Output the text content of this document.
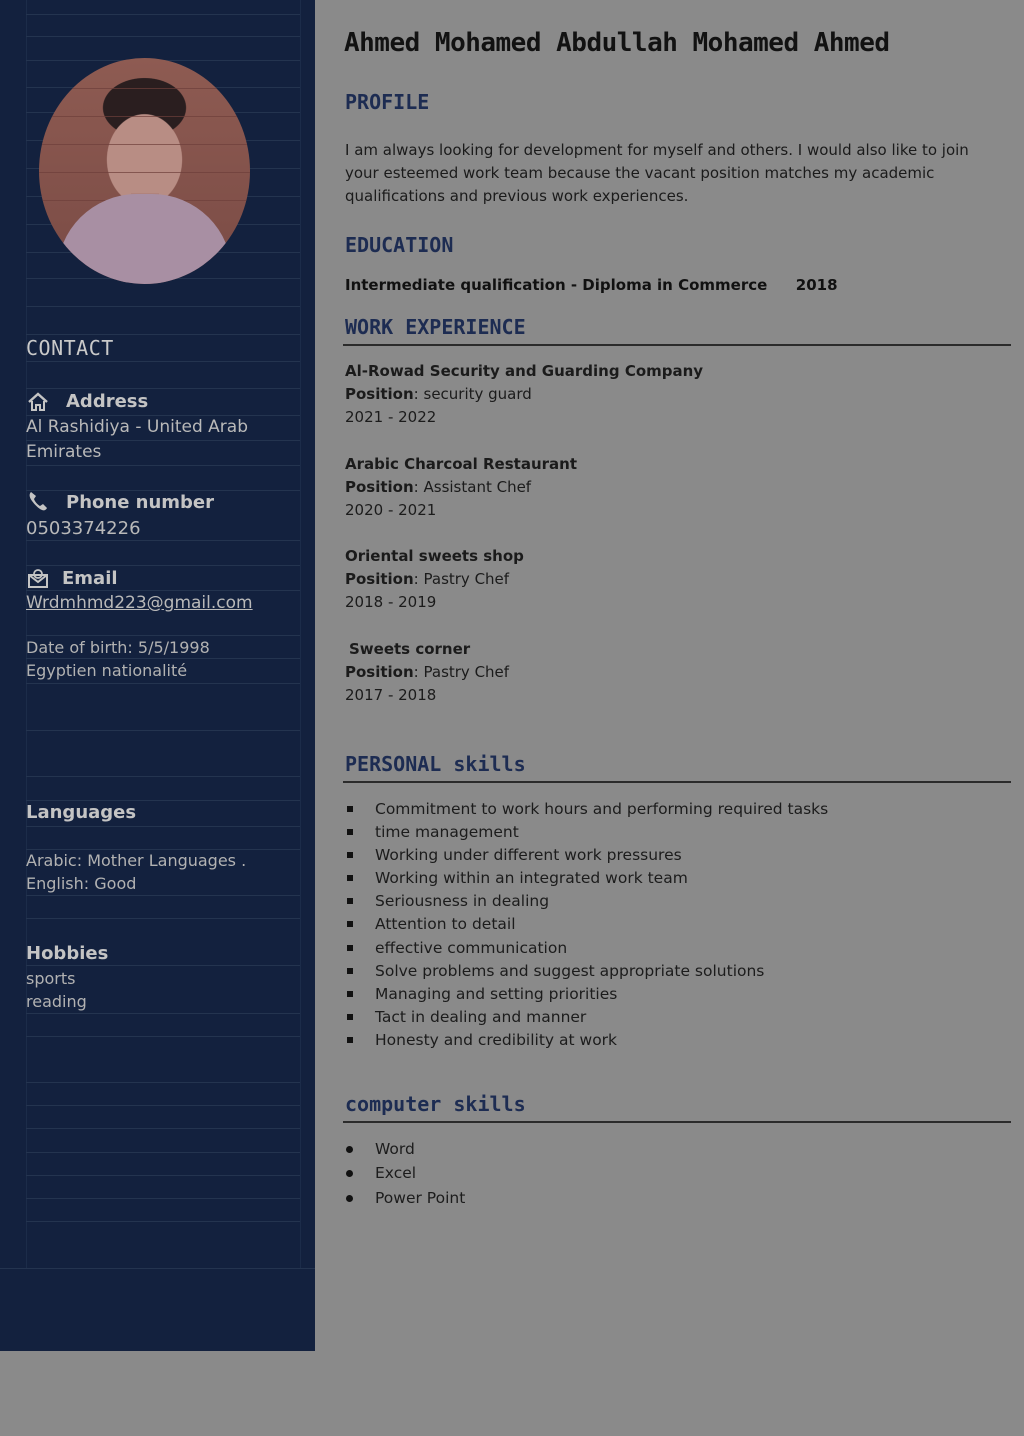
CONTACT
Address
Al Rashidiya - United Arab
Emirates
Phone number
0503374226
Email
Wrdmhmd223@gmail.com
Date of birth: 5/5/1998
Egyptien nationalité
Languages
Arabic: Mother Languages .
English: Good
Hobbies
sports
reading
Ahmed Mohamed Abdullah Mohamed Ahmed
PROFILE
I am always looking for development for myself and others. I would also like to join your esteemed work team because the vacant position matches my academic qualifications and previous work experiences.
EDUCATION
Intermediate qualification - Diploma in Commerce 2018
WORK EXPERIENCE
Al-Rowad Security and Guarding Company
Position: security guard
2021 - 2022
Arabic Charcoal Restaurant
Position: Assistant Chef
2020 - 2021
Oriental sweets shop
Position: Pastry Chef
2018 - 2019
Sweets corner
Position: Pastry Chef
2017 - 2018
PERSONAL skills
Commitment to work hours and performing required tasks
time management
Working under different work pressures
Working within an integrated work team
Seriousness in dealing
Attention to detail
effective communication
Solve problems and suggest appropriate solutions
Managing and setting priorities
Tact in dealing and manner
Honesty and credibility at work
computer skills
Word
Excel
Power Point
